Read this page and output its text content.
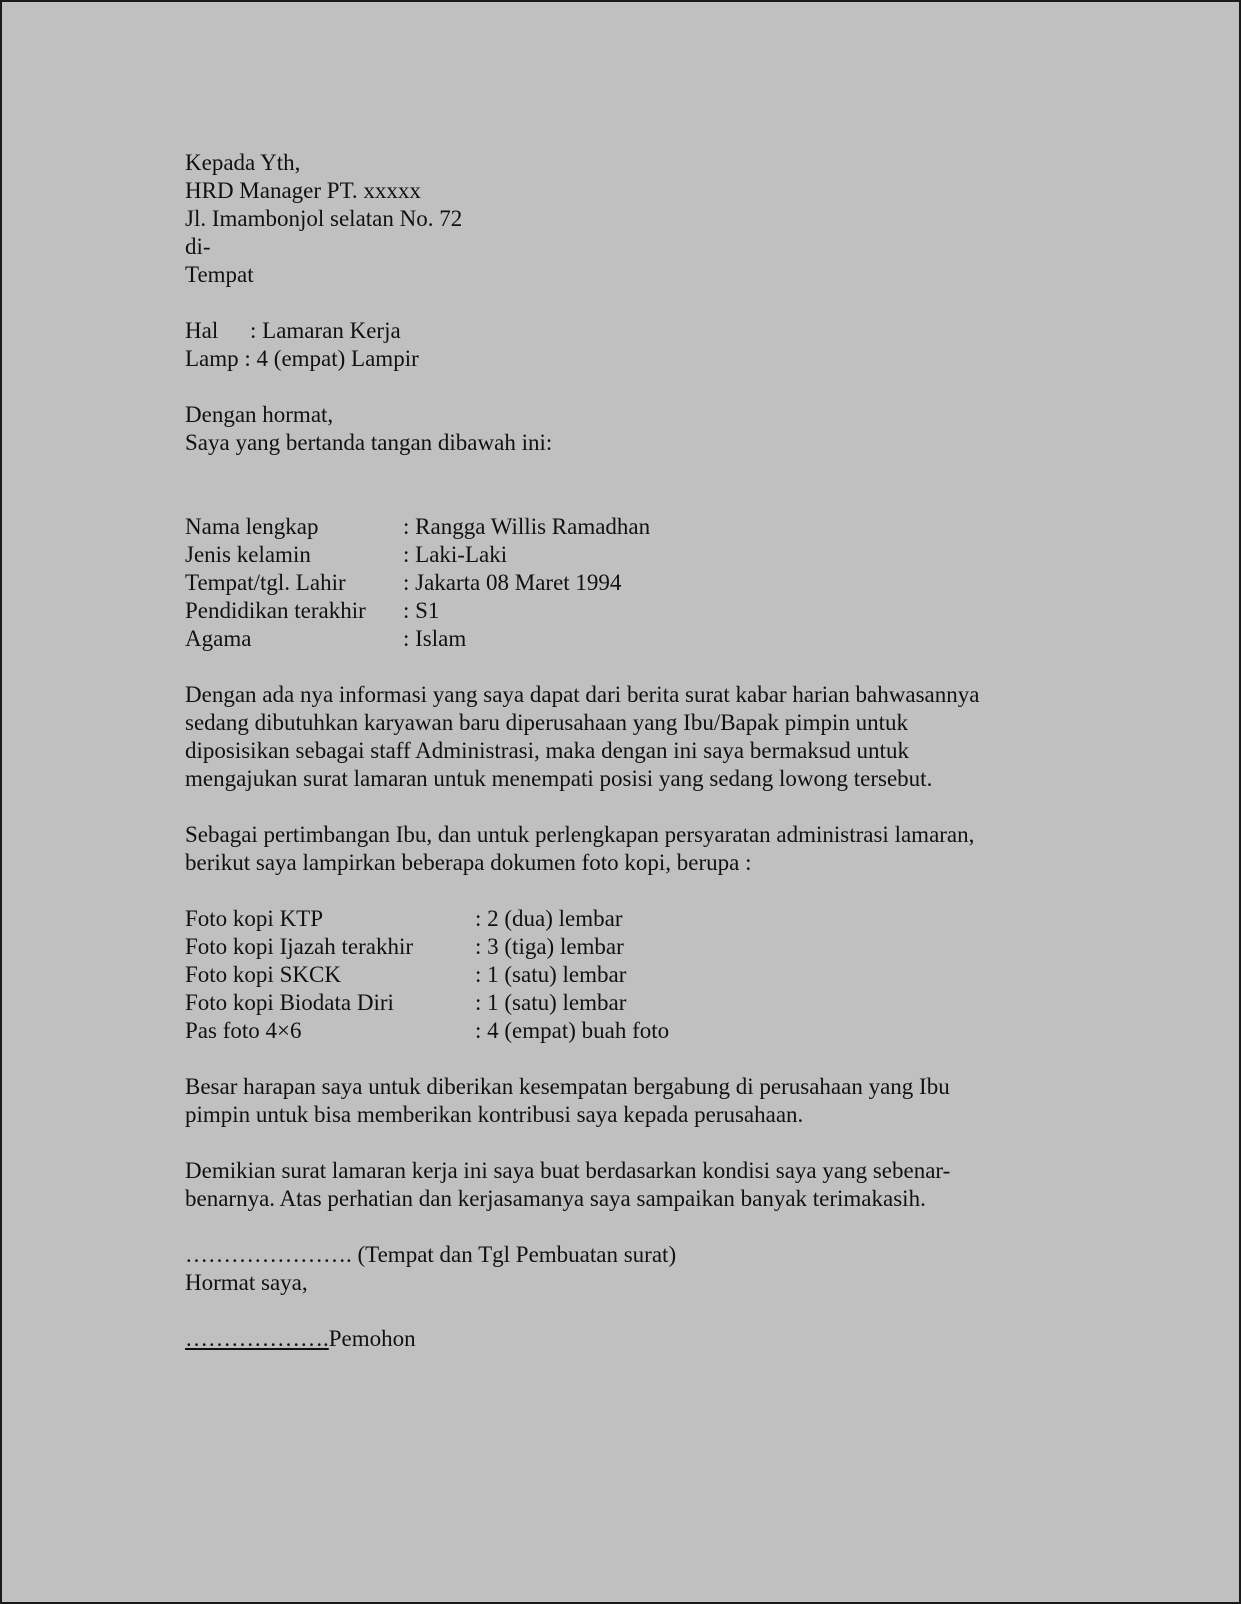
Kepada Yth,
HRD Manager PT. xxxxx
Jl. Imambonjol selatan No. 72
di-
Tempat
Hal	: Lamaran Kerja
Lamp : 4 (empat) Lampir
Dengan hormat,
Saya yang bertanda tangan dibawah ini:
Nama lengkap	: Rangga Willis Ramadhan
Jenis kelamin	: Laki-Laki
Tempat/tgl. Lahir	: Jakarta 08 Maret 1994
Pendidikan terakhir	: S1
Agama	: Islam
Dengan ada nya informasi yang saya dapat dari berita surat kabar harian bahwasannya
sedang dibutuhkan karyawan baru diperusahaan yang Ibu/Bapak pimpin untuk
diposisikan sebagai staff Administrasi, maka dengan ini saya bermaksud untuk
mengajukan surat lamaran untuk menempati posisi yang sedang lowong tersebut.
Sebagai pertimbangan Ibu, dan untuk perlengkapan persyaratan administrasi lamaran,
berikut saya lampirkan beberapa dokumen foto kopi, berupa :
Foto kopi KTP	: 2 (dua) lembar
Foto kopi Ijazah terakhir	: 3 (tiga) lembar
Foto kopi SKCK	: 1 (satu) lembar
Foto kopi Biodata Diri	: 1 (satu) lembar
Pas foto 4×6	: 4 (empat) buah foto
Besar harapan saya untuk diberikan kesempatan bergabung di perusahaan yang Ibu
pimpin untuk bisa memberikan kontribusi saya kepada perusahaan.
Demikian surat lamaran kerja ini saya buat berdasarkan kondisi saya yang sebenar-
benarnya. Atas perhatian dan kerjasamanya saya sampaikan banyak terimakasih.
…………………. (Tempat dan Tgl Pembuatan surat)
Hormat saya,
……………….Pemohon
